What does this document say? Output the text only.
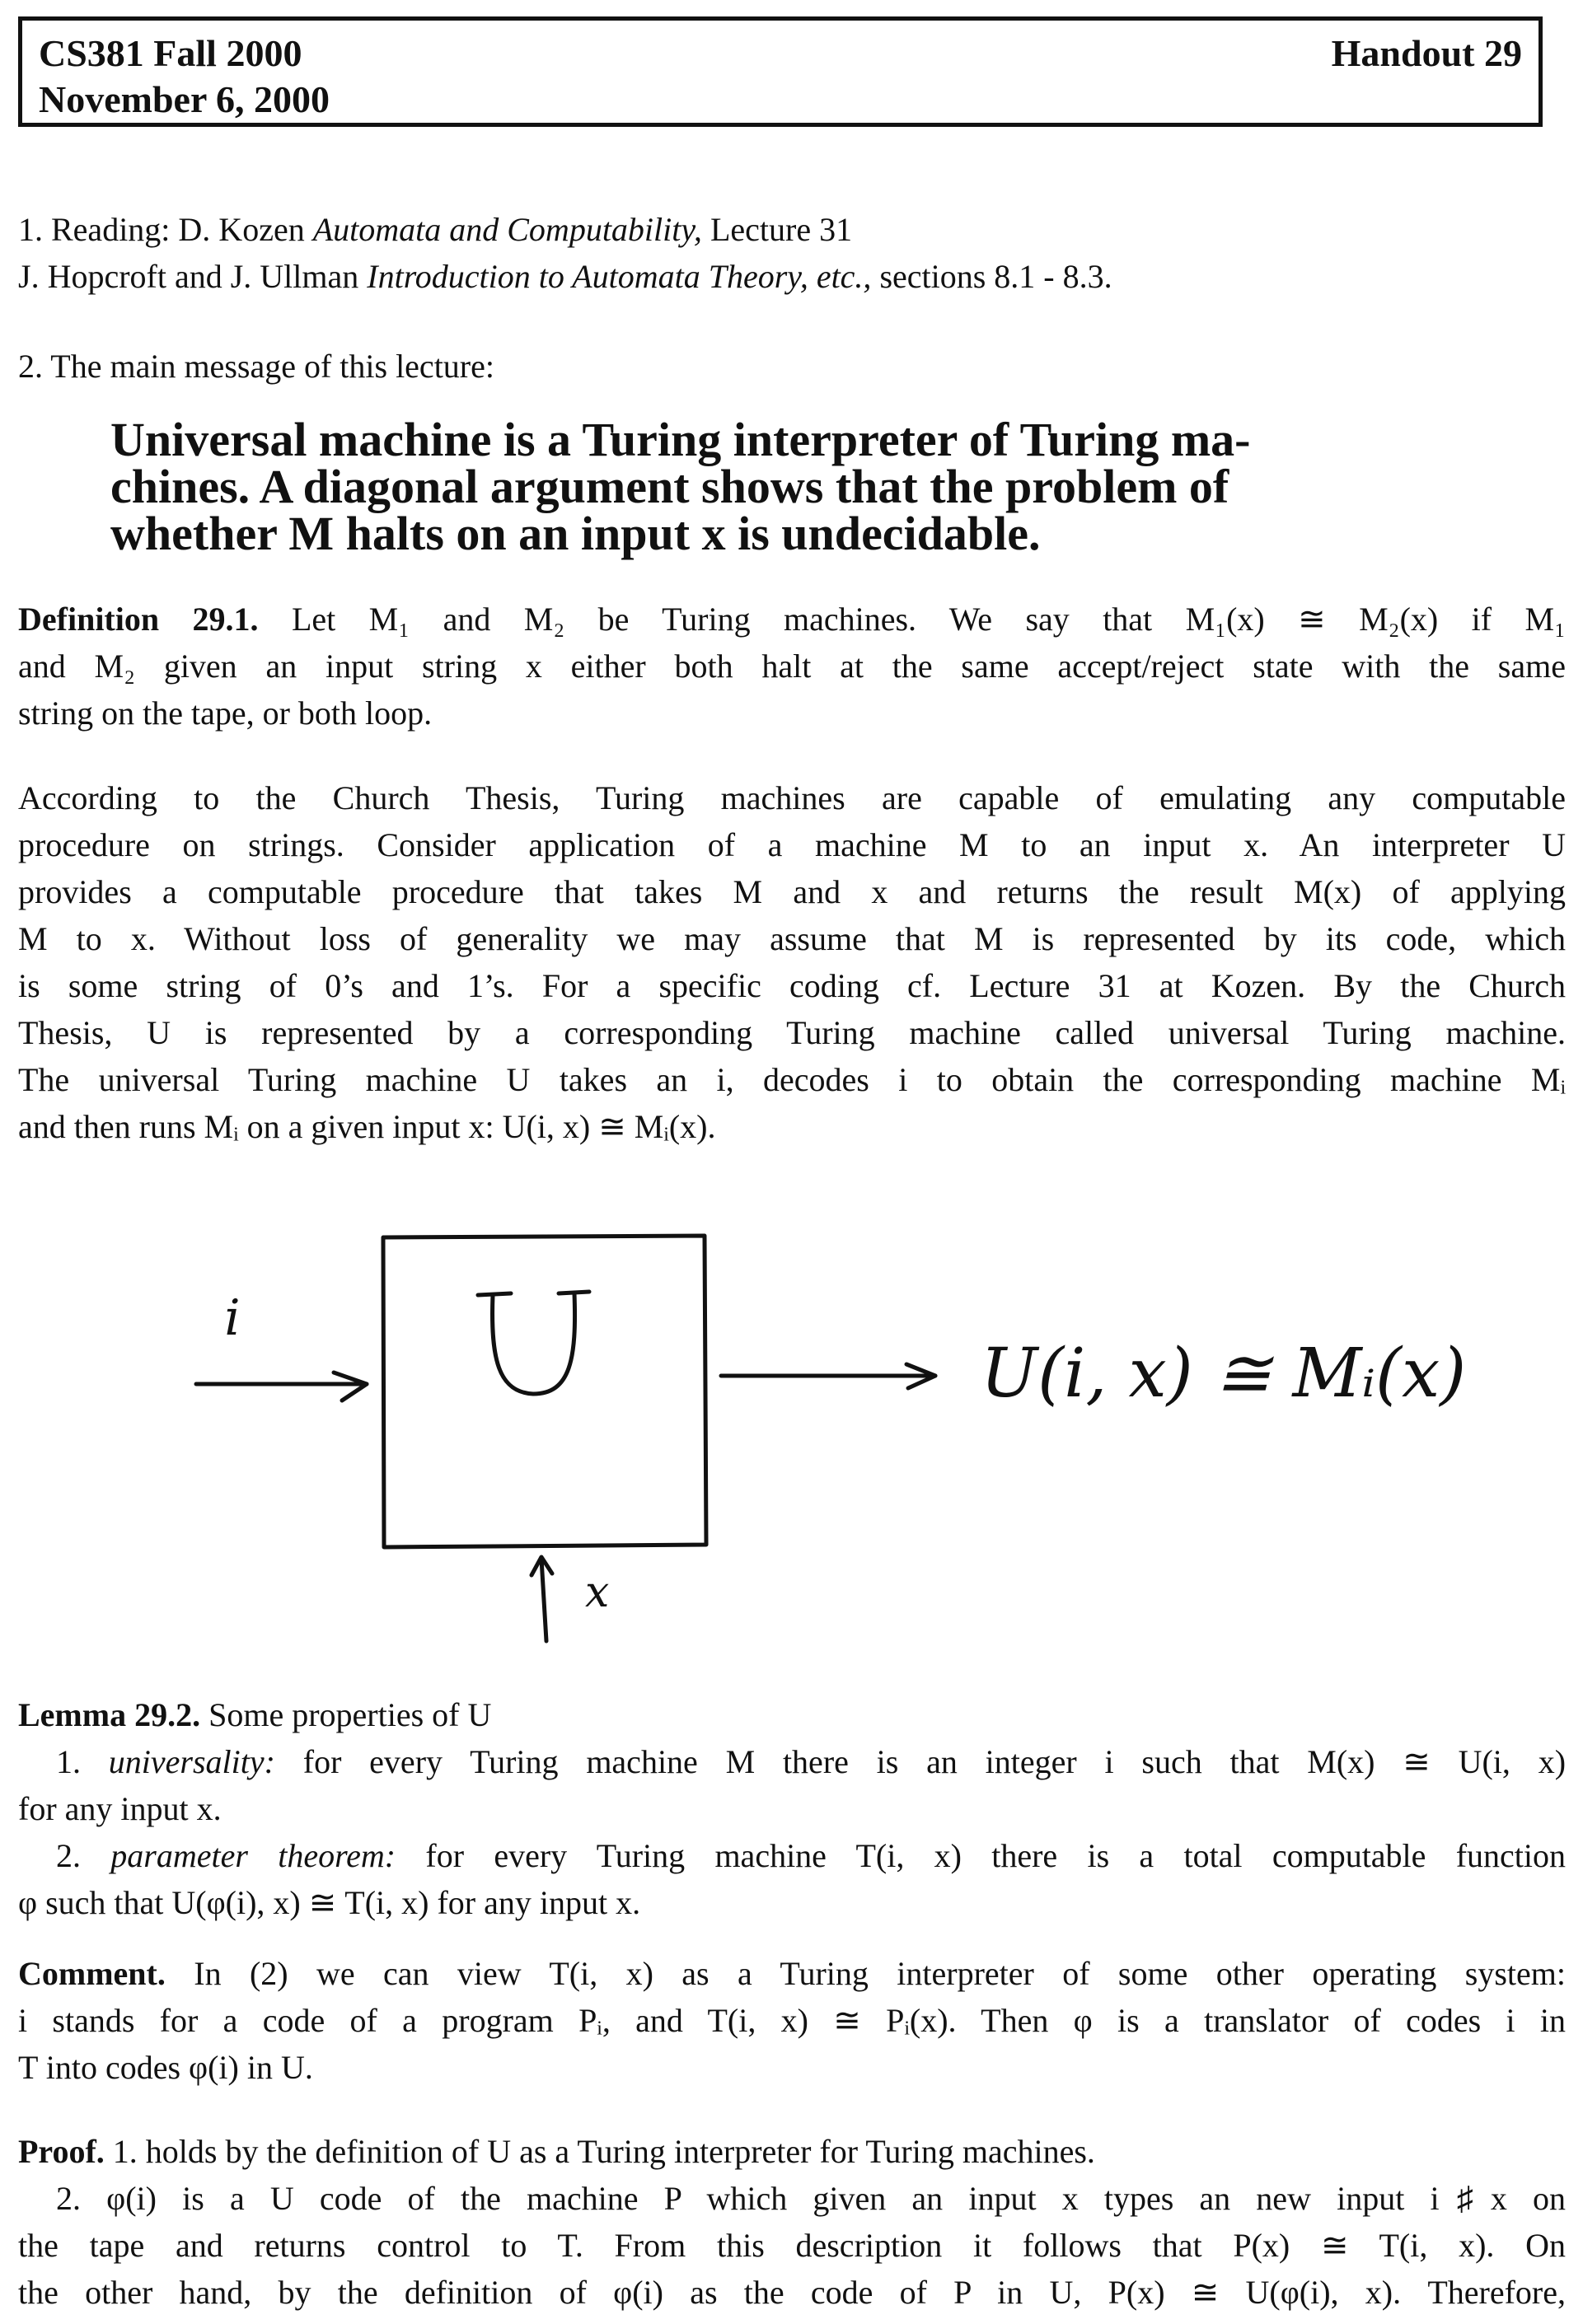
CS381 Fall 2000
November 6, 2000
Handout 29
1. Reading: D. Kozen Automata and Computability, Lecture 31
J. Hopcroft and J. Ullman Introduction to Automata Theory, etc., sections 8.1 - 8.3.
2. The main message of this lecture:
Universal machine is a Turing interpreter of Turing ma-
chines. A diagonal argument shows that the problem of
whether M halts on an input x is undecidable.
Definition 29.1. Let M₁ and M₂ be Turing machines. We say that M₁(x) ≅ M₂(x) if M₁
and M₂ given an input string x either both halt at the same accept/reject state with the same
string on the tape, or both loop.
According to the Church Thesis, Turing machines are capable of emulating any computable
procedure on strings. Consider application of a machine M to an input x. An interpreter U
provides a computable procedure that takes M and x and returns the result M(x) of applying
M to x. Without loss of generality we may assume that M is represented by its code, which
is some string of 0’s and 1’s. For a specific coding cf. Lecture 31 at Kozen. By the Church
Thesis, U is represented by a corresponding Turing machine called universal Turing machine.
The universal Turing machine U takes an i, decodes i to obtain the corresponding machine Mᵢ
and then runs Mᵢ on a given input x: U(i, x) ≅ Mᵢ(x).
U
i
x
U(i, x) ≅ Mᵢ(x)
Lemma 29.2. Some properties of U
1. universality: for every Turing machine M there is an integer i such that M(x) ≅ U(i, x)
for any input x.
2. parameter theorem: for every Turing machine T(i, x) there is a total computable function
φ such that U(φ(i), x) ≅ T(i, x) for any input x.
Comment. In (2) we can view T(i, x) as a Turing interpreter of some other operating system:
i stands for a code of a program Pᵢ, and T(i, x) ≅ Pᵢ(x). Then φ is a translator of codes i in
T into codes φ(i) in U.
Proof. 1. holds by the definition of U as a Turing interpreter for Turing machines.
2. φ(i) is a U code of the machine P which given an input x types an new input i♯x on
the tape and returns control to T. From this description it follows that P(x) ≅ T(i, x). On
the other hand, by the definition of φ(i) as the code of P in U, P(x) ≅ U(φ(i), x). Therefore,
